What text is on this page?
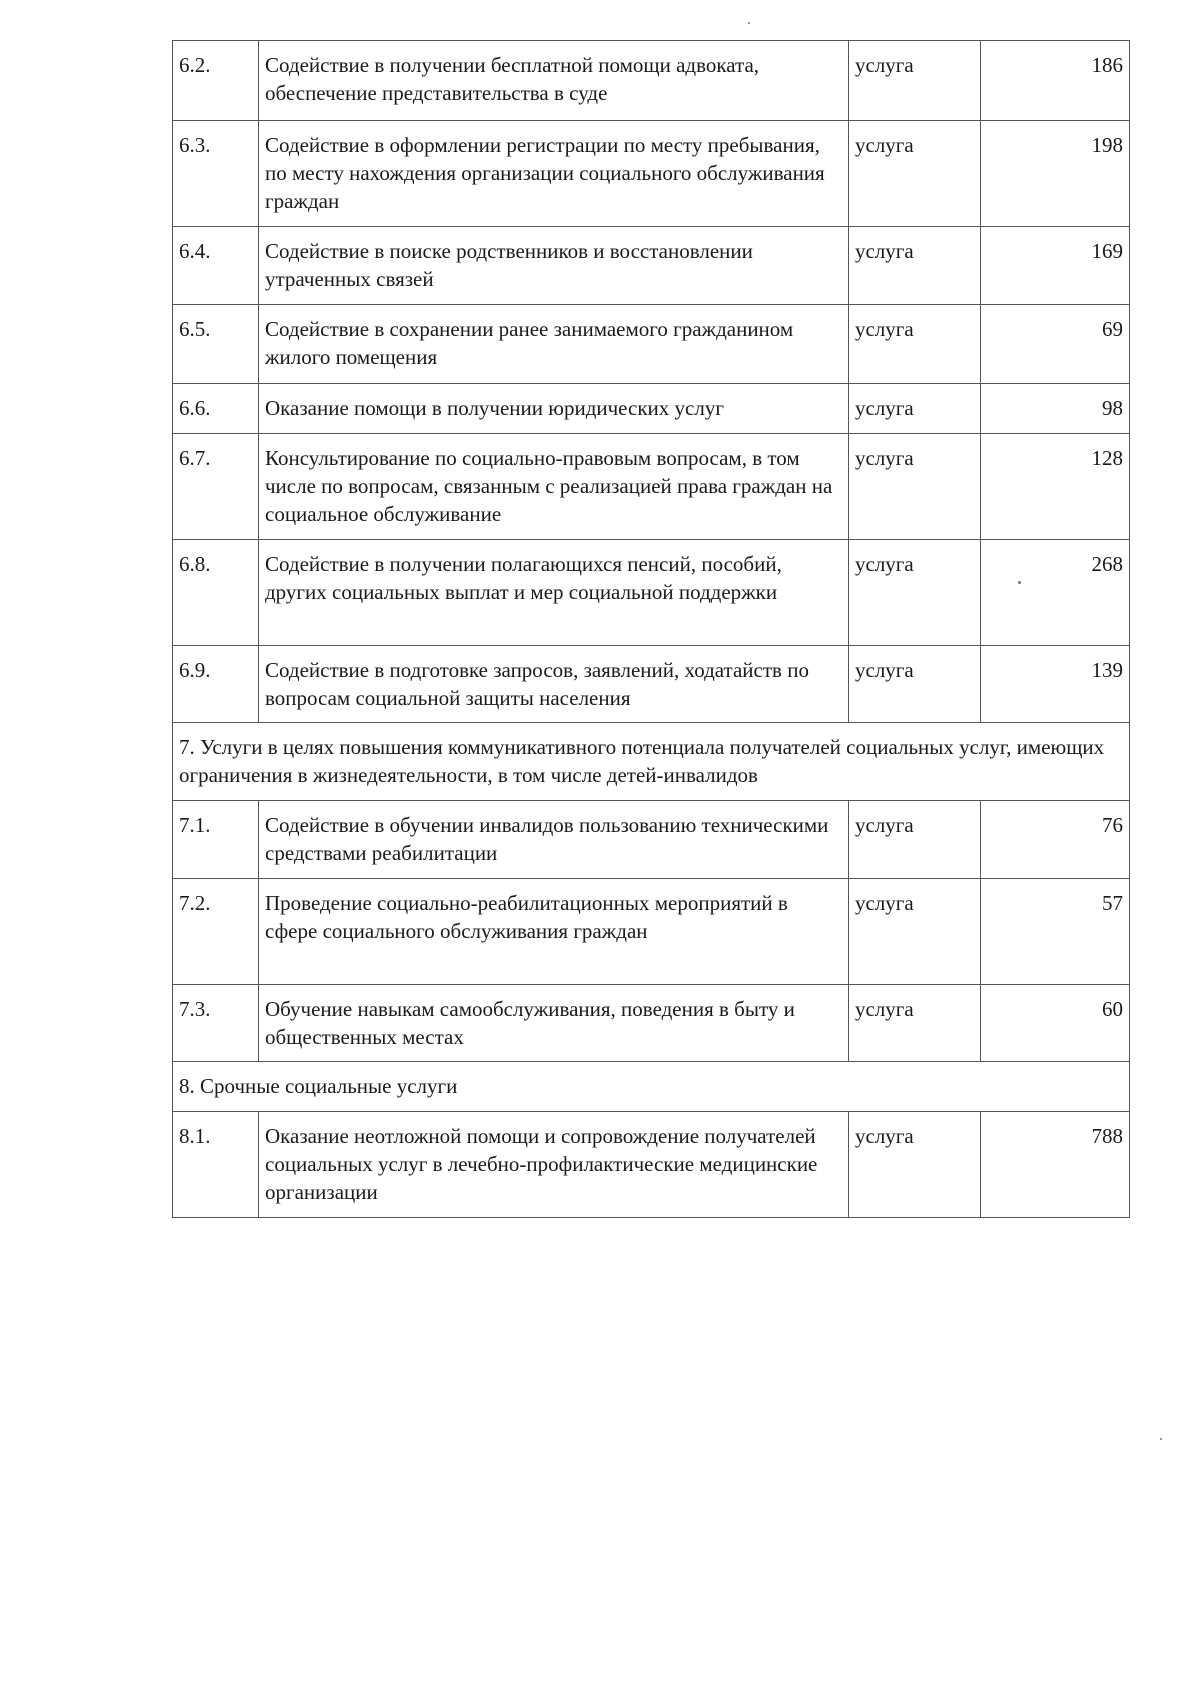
6.2.	Содействие в получении бесплатной помощи адвоката, обеспечение представительства в суде	услуга	186
6.3.	Содействие в оформлении регистрации по месту пребывания, по месту нахождения организации социального обслуживания граждан	услуга	198
6.4.	Содействие в поиске родственников и восстановлении утраченных связей	услуга	169
6.5.	Содействие в сохранении ранее занимаемого гражданином жилого помещения	услуга	69
6.6.	Оказание помощи в получении юридических услуг	услуга	98
6.7.	Консультирование по социально-правовым вопросам, в том числе по вопросам, связанным с реализацией права граждан на социальное обслуживание	услуга	128
6.8.	Содействие в получении полагающихся пенсий, пособий, других социальных выплат и мер социальной поддержки	услуга	268
6.9.	Содействие в подготовке запросов, заявлений, ходатайств по вопросам социальной защиты населения	услуга	139
7. Услуги в целях повышения коммуникативного потенциала получателей социальных услуг, имеющих ограничения в жизнедеятельности, в том числе детей-инвалидов			
7.1.	Содействие в обучении инвалидов пользованию техническими средствами реабилитации	услуга	76
7.2.	Проведение социально-реабилитационных мероприятий в сфере социального обслуживания граждан	услуга	57
7.3.	Обучение навыкам самообслуживания, поведения в быту и общественных местах	услуга	60
8. Срочные социальные услуги			
8.1.	Оказание неотложной помощи и сопровождение получателей социальных услуг в лечебно-профилактические медицинские организации	услуга	788
